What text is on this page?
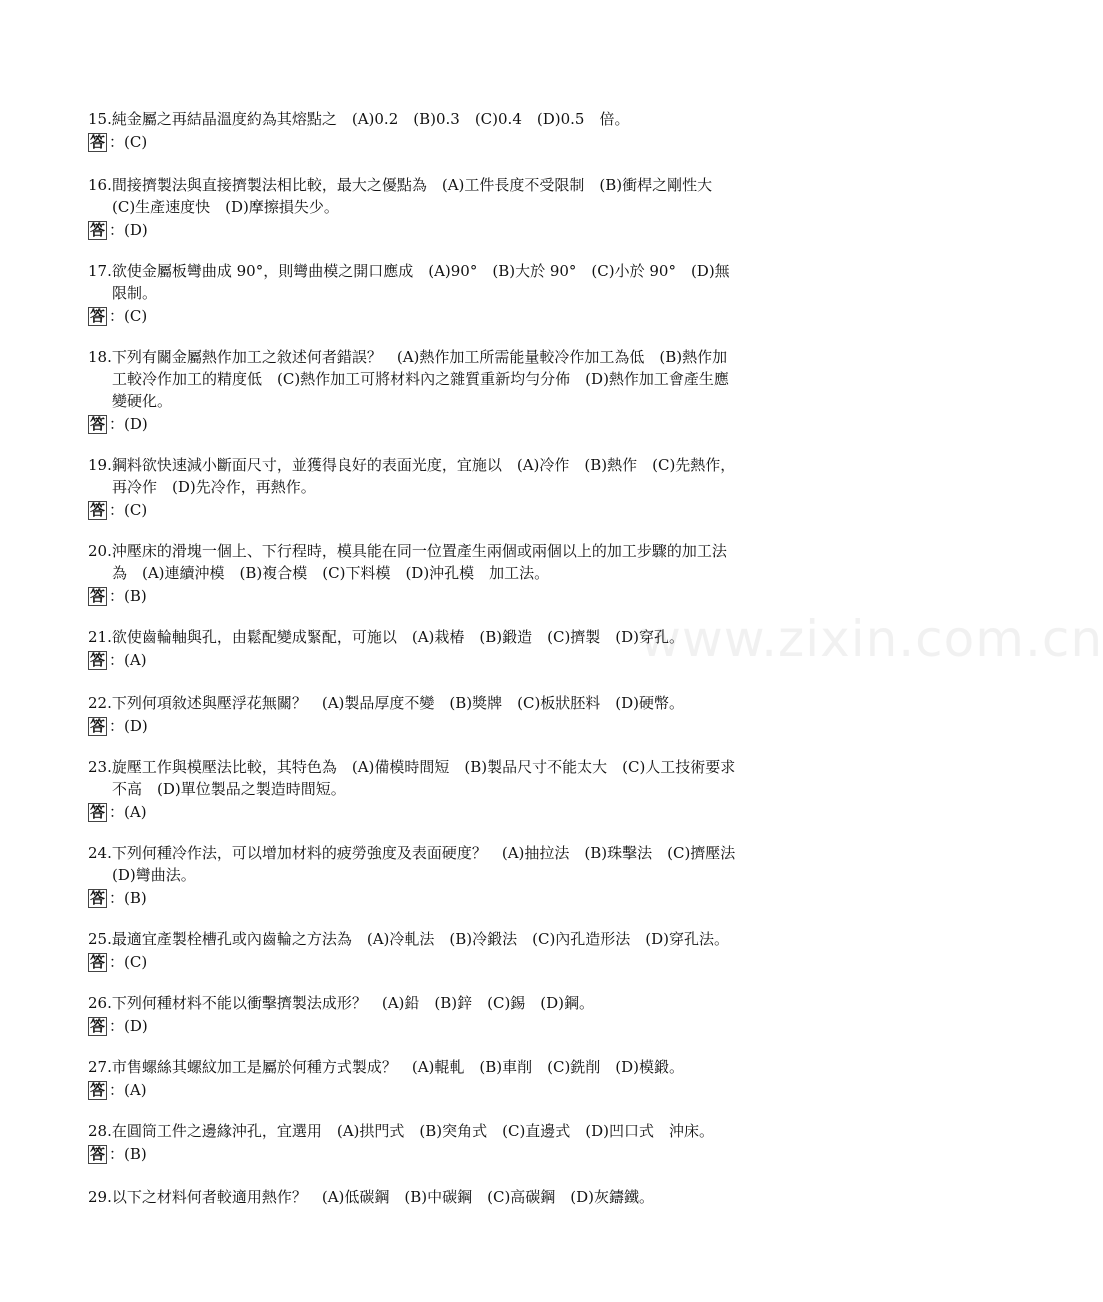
www.zixin.com.cn
15.純金屬之再結晶溫度約為其熔點之　(A)0.2　(B)0.3　(C)0.4　(D)0.5　倍。
答 ：(C)
16.間接擠製法與直接擠製法相比較，最大之優點為　(A)工件長度不受限制　(B)衝桿之剛性大
(C)生產速度快　(D)摩擦損失少。
答 ：(D)
17.欲使金屬板彎曲成 90°，則彎曲模之開口應成　(A)90°　(B)大於 90°　(C)小於 90°　(D)無
限制。
答 ：(C)
18.下列有關金屬熱作加工之敘述何者錯誤？　(A)熱作加工所需能量較冷作加工為低　(B)熱作加
工較冷作加工的精度低　(C)熱作加工可將材料內之雜質重新均勻分佈　(D)熱作加工會產生應
變硬化。
答 ：(D)
19.鋼料欲快速減小斷面尺寸，並獲得良好的表面光度，宜施以　(A)冷作　(B)熱作　(C)先熱作，
再冷作　(D)先冷作，再熱作。
答 ：(C)
20.沖壓床的滑塊一個上、下行程時，模具能在同一位置產生兩個或兩個以上的加工步驟的加工法
為　(A)連續沖模　(B)複合模　(C)下料模　(D)沖孔模　加工法。
答 ：(B)
21.欲使齒輪軸與孔，由鬆配變成緊配，可施以　(A)栽椿　(B)鍛造　(C)擠製　(D)穿孔。
答 ：(A)
22.下列何項敘述與壓浮花無關？　(A)製品厚度不變　(B)獎牌　(C)板狀胚料　(D)硬幣。
答 ：(D)
23.旋壓工作與模壓法比較，其特色為　(A)備模時間短　(B)製品尺寸不能太大　(C)人工技術要求
不高　(D)單位製品之製造時間短。
答 ：(A)
24.下列何種冷作法，可以增加材料的疲勞強度及表面硬度？　(A)抽拉法　(B)珠擊法　(C)擠壓法
(D)彎曲法。
答 ：(B)
25.最適宜產製栓槽孔或內齒輪之方法為　(A)冷軋法　(B)冷鍛法　(C)內孔造形法　(D)穿孔法。
答 ：(C)
26.下列何種材料不能以衝擊擠製法成形？　(A)鉛　(B)鋅　(C)錫　(D)鋼。
答 ：(D)
27.市售螺絲其螺紋加工是屬於何種方式製成？　(A)輥軋　(B)車削　(C)銑削　(D)模鍛。
答 ：(A)
28.在圓筒工件之邊緣沖孔，宜選用　(A)拱門式　(B)突角式　(C)直邊式　(D)凹口式　沖床。
答 ：(B)
29.以下之材料何者較適用熱作？　(A)低碳鋼　(B)中碳鋼　(C)高碳鋼　(D)灰鑄鐵。
